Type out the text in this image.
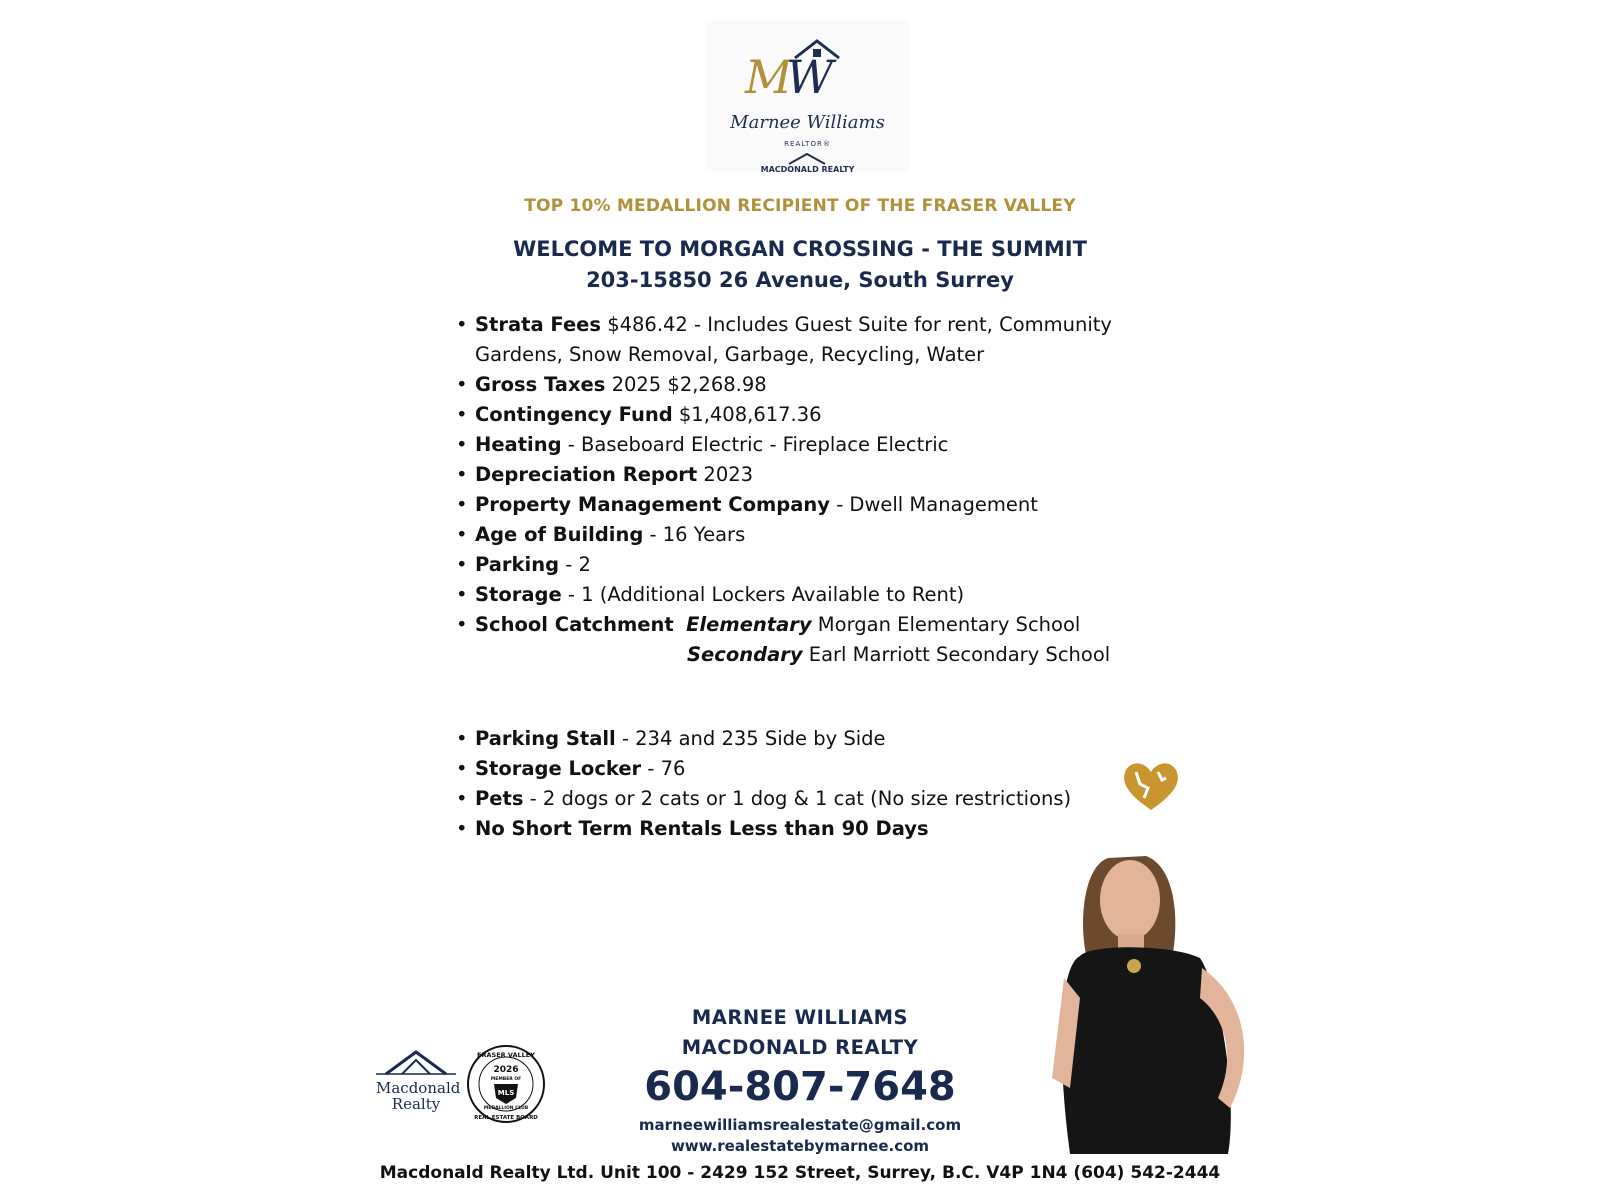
MW
Marnee Williams
REALTOR®
MACDONALD REALTY
TOP 10% MEDALLION RECIPIENT OF THE FRASER VALLEY
WELCOME TO MORGAN CROSSING - THE SUMMIT
203-15850 26 Avenue, South Surrey
• Strata Fees $486.42 - Includes Guest Suite for rent, Community
Gardens, Snow Removal, Garbage, Recycling, Water
• Gross Taxes 2025 $2,268.98
• Contingency Fund $1,408,617.36
• Heating - Baseboard Electric - Fireplace Electric
• Depreciation Report 2023
• Property Management Company - Dwell Management
• Age of Building - 16 Years
• Parking - 2
• Storage - 1 (Additional Lockers Available to Rent)
• School Catchment Elementary Morgan Elementary School
Secondary Earl Marriott Secondary School
• Parking Stall - 234 and 235 Side by Side
• Storage Locker - 76
• Pets - 2 dogs or 2 cats or 1 dog & 1 cat (No size restrictions)
• No Short Term Rentals Less than 90 Days
MARNEE WILLIAMS
MACDONALD REALTY
604-807-7648
marneewilliamsrealestate@gmail.com
www.realestatebymarnee.com
Macdonald Realty Ltd. Unit 100 - 2429 152 Street, Surrey, B.C. V4P 1N4 (604) 542-2444
Macdonald
Realty
FRASER VALLEY
2026
MEMBER OF
MLS
MEDALLION CLUB
REAL ESTATE BOARD
